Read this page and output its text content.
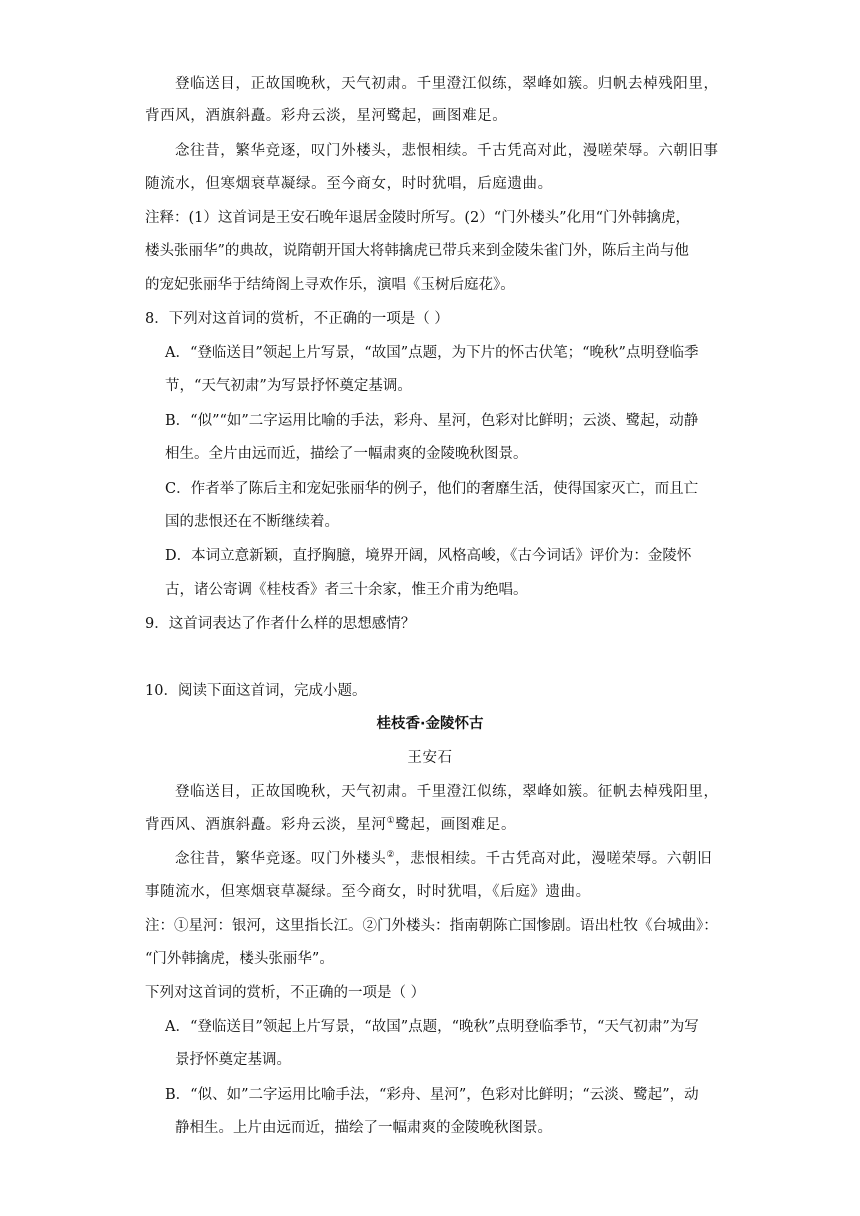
登临送目，正故国晚秋，天气初肃。千里澄江似练，翠峰如簇。归帆去棹残阳里，
背西风，酒旗斜矗。彩舟云淡，星河鹭起，画图难足。
念往昔，繁华竞逐，叹门外楼头，悲恨相续。千古凭高对此，漫嗟荣辱。六朝旧事
随流水，但寒烟衰草凝绿。至今商女，时时犹唱，后庭遗曲。
注释：(1）这首词是王安石晚年退居金陵时所写。(2）“门外楼头”化用“门外韩擒虎，
楼头张丽华”的典故，说隋朝开国大将韩擒虎已带兵来到金陵朱雀门外，陈后主尚与他
的宠妃张丽华于结绮阁上寻欢作乐，演唱《玉树后庭花》。
8．下列对这首词的赏析，不正确的一项是（ ）
A．“登临送目”领起上片写景，“故国”点题，为下片的怀古伏笔；“晚秋”点明登临季
节，“天气初肃”为写景抒怀奠定基调。
B．“似”“如”二字运用比喻的手法，彩舟、星河，色彩对比鲜明；云淡、鹭起，动静
相生。全片由远而近，描绘了一幅肃爽的金陵晚秋图景。
C．作者举了陈后主和宠妃张丽华的例子，他们的奢靡生活，使得国家灭亡，而且亡
国的悲恨还在不断继续着。
D．本词立意新颖，直抒胸臆，境界开阔，风格高峻，《古今词话》评价为：金陵怀
古，诸公寄调《桂枝香》者三十余家，惟王介甫为绝唱。
9．这首词表达了作者什么样的思想感情？
10．阅读下面这首词，完成小题。
桂枝香·金陵怀古
王安石
登临送目，正故国晚秋，天气初肃。千里澄江似练，翠峰如簇。征帆去棹残阳里，
背西风、酒旗斜矗。彩舟云淡，星河①鹭起，画图难足。
念往昔，繁华竞逐。叹门外楼头②，悲恨相续。千古凭高对此，漫嗟荣辱。六朝旧
事随流水，但寒烟衰草凝绿。至今商女，时时犹唱，《后庭》遗曲。
注：①星河：银河，这里指长江。②门外楼头：指南朝陈亡国惨剧。语出杜牧《台城曲》：
“门外韩擒虎，楼头张丽华”。
下列对这首词的赏析，不正确的一项是（ ）
A．“登临送目”领起上片写景，“故国”点题，“晚秋”点明登临季节，“天气初肃”为写
景抒怀奠定基调。
B．“似、如”二字运用比喻手法，“彩舟、星河”，色彩对比鲜明；“云淡、鹭起”，动
静相生。上片由远而近，描绘了一幅肃爽的金陵晚秋图景。
